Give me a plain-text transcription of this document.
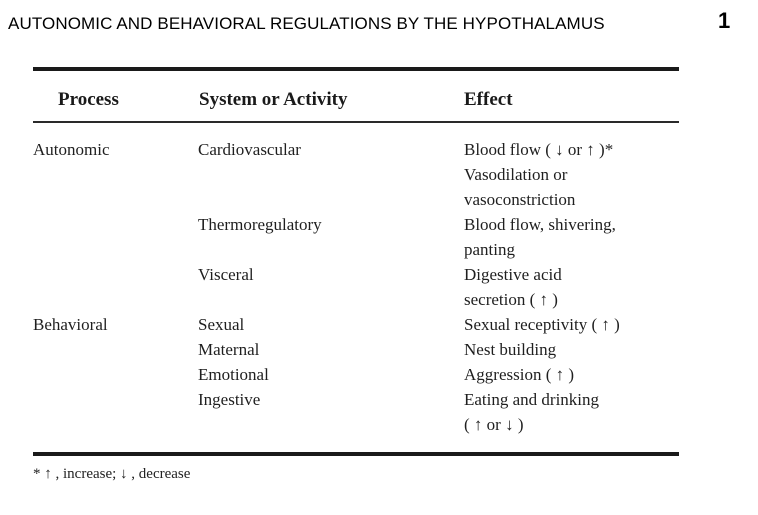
AUTONOMIC AND BEHAVIORAL REGULATIONS BY THE HYPOTHALAMUS	1
Process	System or Activity	Effect
Autonomic	Cardiovascular	Blood flow ( ↓ or ↑ )*
Vasodilation or
vasoconstriction
Thermoregulatory	Blood flow, shivering,
panting
Visceral	Digestive acid
secretion ( ↑ )
Behavioral	Sexual	Sexual receptivity ( ↑ )
Maternal	Nest building
Emotional	Aggression ( ↑ )
Ingestive	Eating and drinking
( ↑ or ↓ )
* ↑ , increase; ↓ , decrease
